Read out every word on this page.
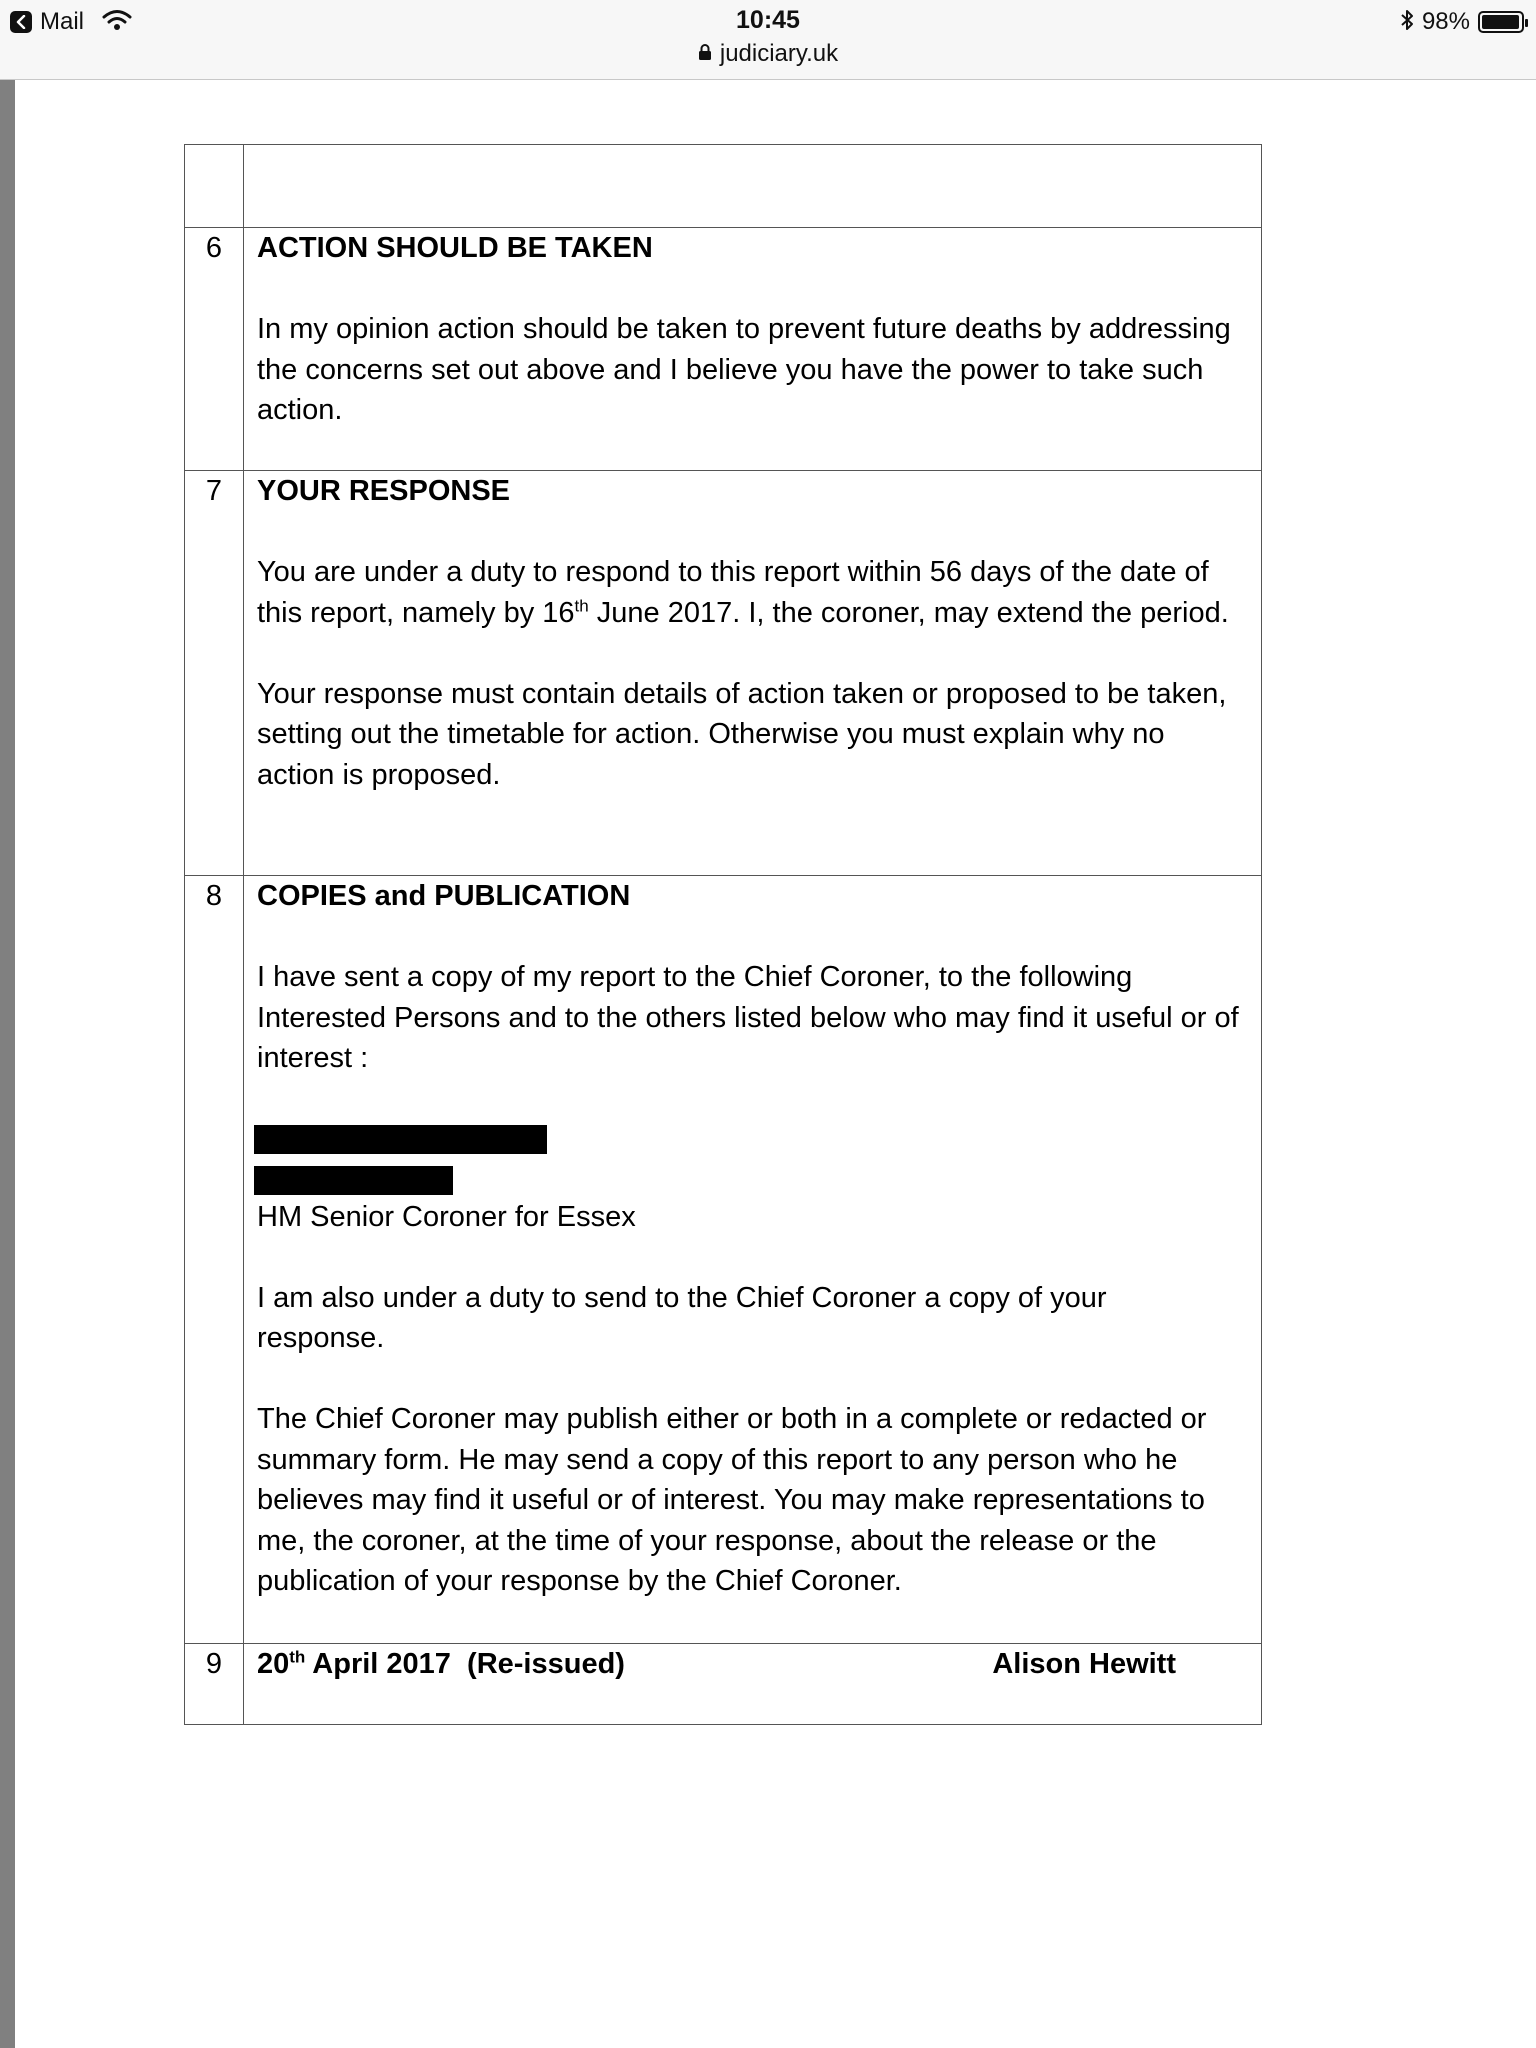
Mail	10:45
judiciary.uk
98%
6	ACTION SHOULD BE TAKEN
In my opinion action should be taken to prevent future deaths by addressing the concerns set out above and I believe you have the power to take such action.
7	YOUR RESPONSE
You are under a duty to respond to this report within 56 days of the date of this report, namely by 16th June 2017. I, the coroner, may extend the period.
Your response must contain details of action taken or proposed to be taken, setting out the timetable for action. Otherwise you must explain why no action is proposed.
8	COPIES and PUBLICATION
I have sent a copy of my report to the Chief Coroner, to the following Interested Persons and to the others listed below who may find it useful or of interest :
HM Senior Coroner for Essex
I am also under a duty to send to the Chief Coroner a copy of your response.
The Chief Coroner may publish either or both in a complete or redacted or summary form. He may send a copy of this report to any person who he believes may find it useful or of interest. You may make representations to me, the coroner, at the time of your response, about the release or the publication of your response by the Chief Coroner.
9	20th April 2017  (Re-issued)	Alison Hewitt
